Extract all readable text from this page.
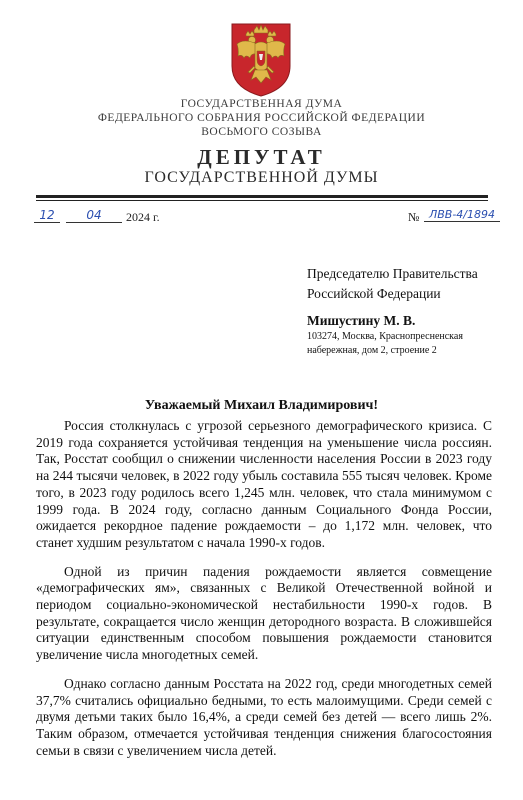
ГОСУДАРСТВЕННАЯ ДУМА
ФЕДЕРАЛЬНОГО СОБРАНИЯ РОССИЙСКОЙ ФЕДЕРАЦИИ
ВОСЬМОГО СОЗЫВА
ДЕПУТАТ
ГОСУДАРСТВЕННОЙ ДУМЫ
12	04	2024 г.	№ ЛВВ-4/1894
Председателю Правительства
Российской Федерации
Мишустину М. В.
103274, Москва, Краснопресненская
набережная, дом 2, строение 2
Уважаемый Михаил Владимирович!

Россия столкнулась с угрозой серьезного демографического кризиса. С 2019 года сохраняется устойчивая тенденция на уменьшение числа россиян. Так, Росстат сообщил о снижении численности населения России в 2023 году на 244 тысячи человек, в 2022 году убыль составила 555 тысяч человек. Кроме того, в 2023 году родилось всего 1,245 млн. человек, что стала минимумом с 1999 года. В 2024 году, согласно данным Социального Фонда России, ожидается рекордное падение рождаемости – до 1,172 млн. человек, что станет худшим результатом с начала 1990-х годов.

Одной из причин падения рождаемости является совмещение «демографических ям», связанных с Великой Отечественной войной и периодом социально-экономической нестабильности 1990-х годов. В результате, сокращается число женщин детородного возраста. В сложившейся ситуации единственным способом повышения рождаемости становится увеличение числа многодетных семей.

Однако согласно данным Росстата на 2022 год, среди многодетных семей 37,7% считались официально бедными, то есть малоимущими. Среди семей с двумя детьми таких было 16,4%, а среди семей без детей — всего лишь 2%. Таким образом, отмечается устойчивая тенденция снижения благосостояния семьи в связи с увеличением числа детей.
